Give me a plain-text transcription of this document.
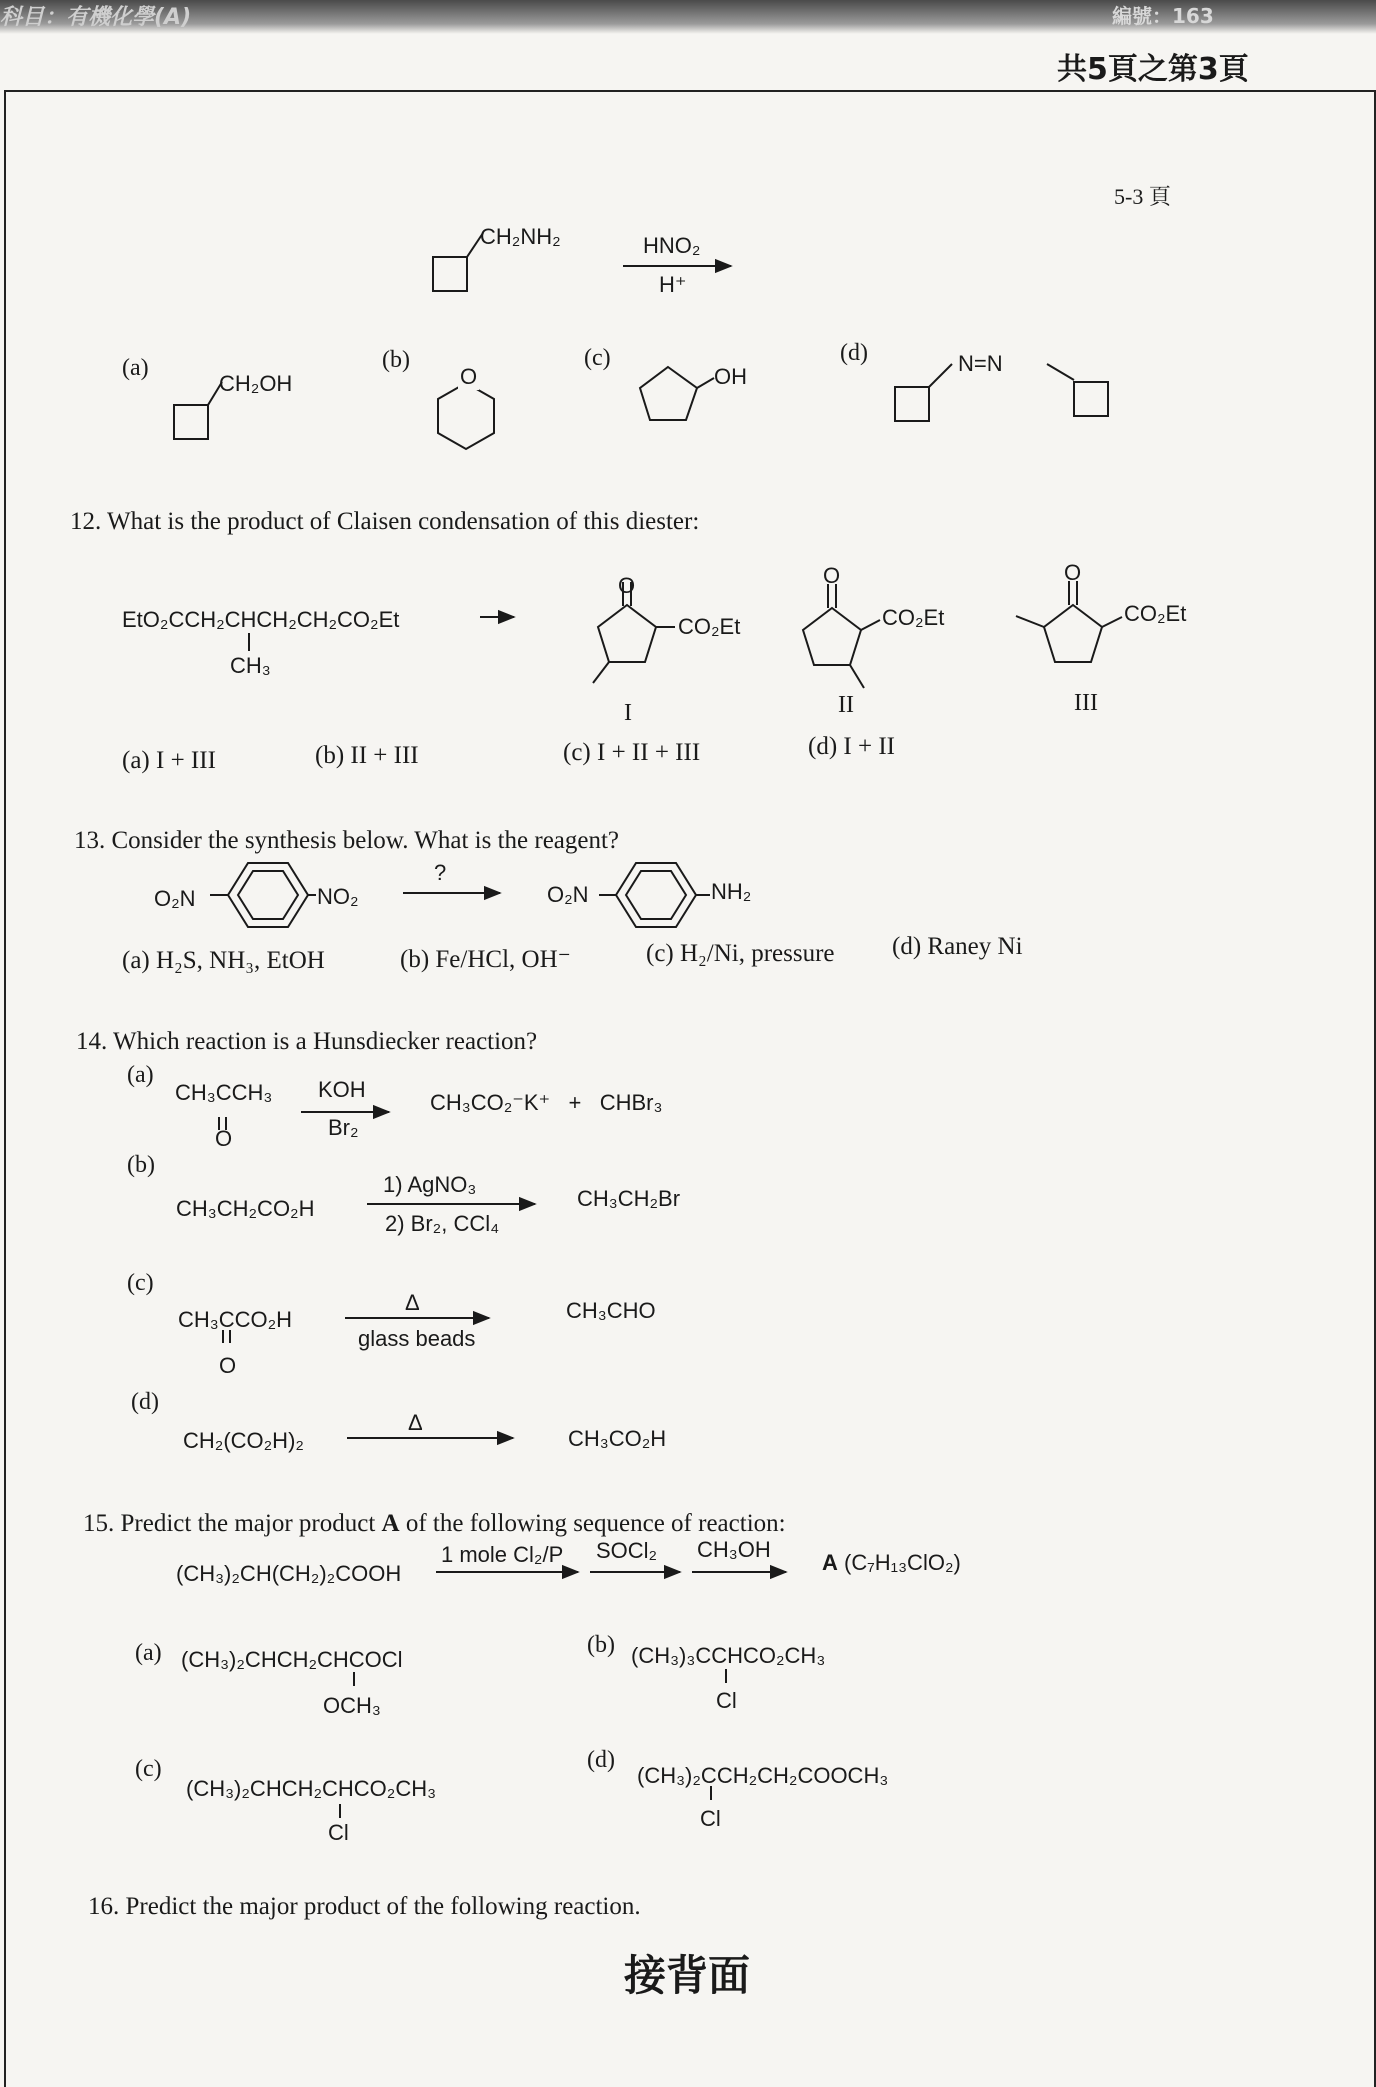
科目：有機化學(A)	編號：163
共5頁之第3頁
5-3 頁
CH₂NH₂	HNO₂
H⁺
(a)
CH₂OH
(b)
O
(c)
OH
(d)	N=N
12. What is the product of Claisen condensation of this diester:
EtO₂CCH₂CHCH₂CH₂CO₂Et
CH₃
O
CO₂Et
I
O
CO₂Et
II
O
CO₂Et
III
(a) I + III	(b) II + III	(c) I + II + III	(d) I + II
13. Consider the synthesis below. What is the reagent?
O₂N	NO₂
?
O₂N	NH₂
(a) H₂S, NH₃, EtOH	(b) Fe/HCl, OH⁻	(c) H₂/Ni, pressure (d) Raney Ni
14. Which reaction is a Hunsdiecker reaction?
(a)
CH₃CCH₃
O
KOH
Br₂
CH₃CO₂⁻K⁺   +   CHBr₃
(b)
CH₃CH₂CO₂H
1) AgNO₃
2) Br₂, CCl₄
CH₃CH₂Br
(c)
CH₃CCO₂H
O
Δ
glass beads
CH₃CHO
(d)
CH₂(CO₂H)₂
Δ
CH₃CO₂H
15. Predict the major product A of the following sequence of reaction:
(CH₃)₂CH(CH₂)₂COOH
1 mole Cl₂/P SOCl₂ CH₃OH
A (C₇H₁₃ClO₂)
(a) (CH₃)₂CHCH₂CHCOCl
OCH₃
(b) (CH₃)₃CCHCO₂CH₃
Cl
(c)
(CH₃)₂CHCH₂CHCO₂CH₃
Cl
(d)
(CH₃)₂CCH₂CH₂COOCH₃
Cl
16. Predict the major product of the following reaction.
接背面
